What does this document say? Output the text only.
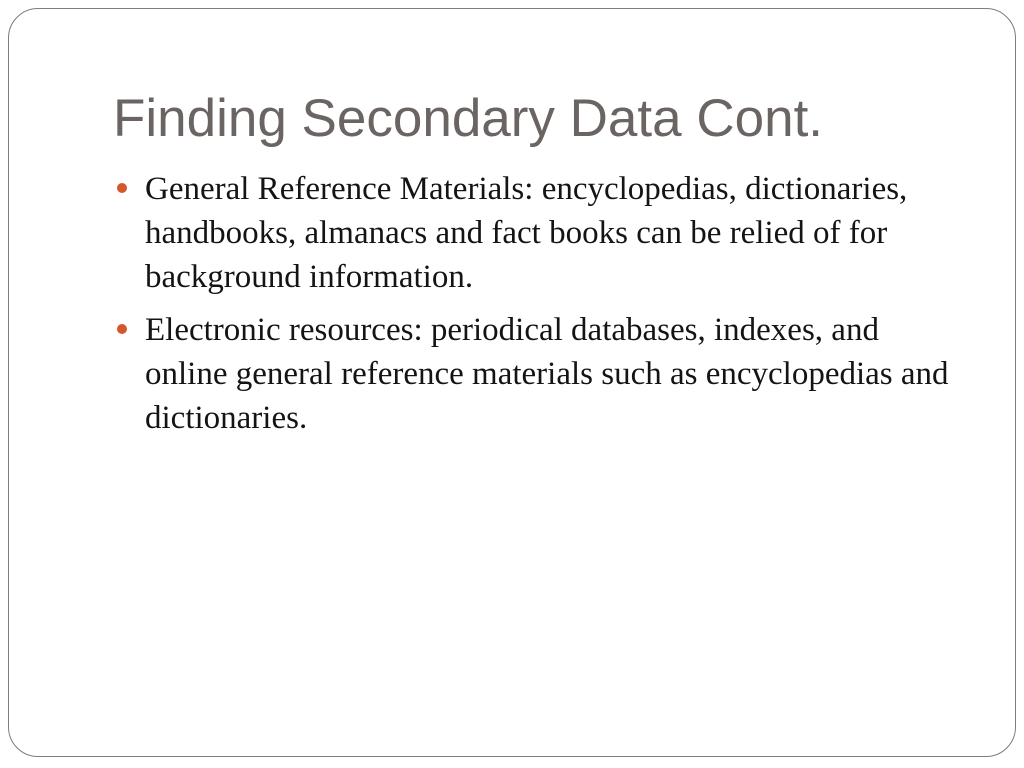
Finding Secondary Data Cont.
General Reference Materials: encyclopedias, dictionaries, handbooks, almanacs and fact books can be relied of for background information.
Electronic resources: periodical databases, indexes, and online general reference materials such as encyclopedias and dictionaries.
